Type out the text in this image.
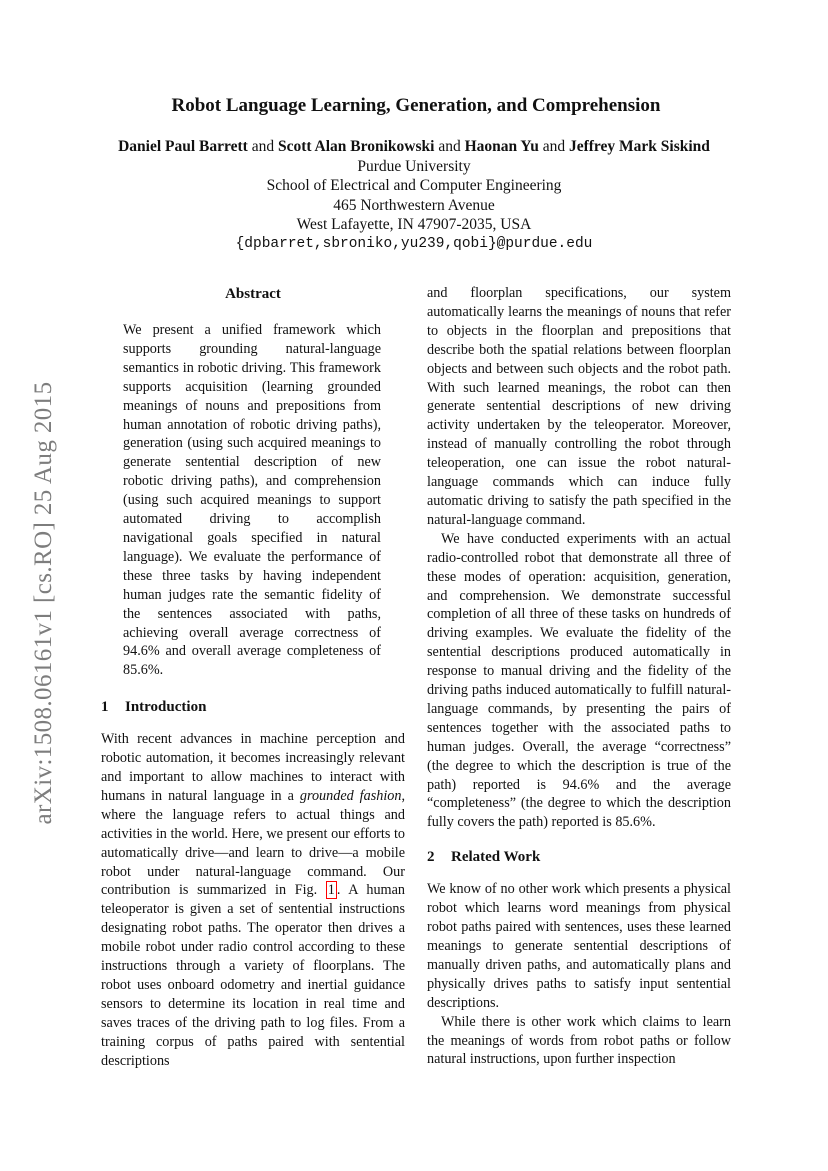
arXiv:1508.06161v1 [cs.RO] 25 Aug 2015
Robot Language Learning, Generation, and Comprehension
Daniel Paul Barrett and Scott Alan Bronikowski and Haonan Yu and Jeffrey Mark Siskind
Purdue University
School of Electrical and Computer Engineering
465 Northwestern Avenue
West Lafayette, IN 47907-2035, USA
{dpbarret,sbroniko,yu239,qobi}@purdue.edu
Abstract

We present a unified framework which supports grounding natural-language semantics in robotic driving. This framework supports acquisition (learning grounded meanings of nouns and prepositions from human annotation of robotic driving paths), generation (using such acquired meanings to generate sentential description of new robotic driving paths), and comprehension (using such acquired meanings to support automated driving to accomplish navigational goals specified in natural language). We evaluate the performance of these three tasks by having independent human judges rate the semantic fidelity of the sentences associated with paths, achieving overall average correctness of 94.6% and overall average completeness of 85.6%.

1 Introduction

With recent advances in machine perception and robotic automation, it becomes increasingly relevant and important to allow machines to interact with humans in natural language in a grounded fashion, where the language refers to actual things and activities in the world. Here, we present our efforts to automatically drive—and learn to drive—a mobile robot under natural-language command. Our contribution is summarized in Fig. 1 . A human teleoperator is given a set of sentential instructions designating robot paths. The operator then drives a mobile robot under radio control according to these instructions through a variety of floorplans. The robot uses onboard odometry and inertial guidance sensors to determine its location in real time and saves traces of the driving path to log files. From a training corpus of paths paired with sentential descriptions

and floorplan specifications, our system automatically learns the meanings of nouns that refer to objects in the floorplan and prepositions that describe both the spatial relations between floorplan objects and between such objects and the robot path. With such learned meanings, the robot can then generate sentential descriptions of new driving activity undertaken by the teleoperator. Moreover, instead of manually controlling the robot through teleoperation, one can issue the robot natural-language commands which can induce fully automatic driving to satisfy the path specified in the natural-language command.

We have conducted experiments with an actual radio-controlled robot that demonstrate all three of these modes of operation: acquisition, generation, and comprehension. We demonstrate successful completion of all three of these tasks on hundreds of driving examples. We evaluate the fidelity of the sentential descriptions produced automatically in response to manual driving and the fidelity of the driving paths induced automatically to fulfill natural-language commands, by presenting the pairs of sentences together with the associated paths to human judges. Overall, the average “correctness” (the degree to which the description is true of the path) reported is 94.6% and the average “completeness” (the degree to which the description fully covers the path) reported is 85.6%.

2 Related Work

We know of no other work which presents a physical robot which learns word meanings from physical robot paths paired with sentences, uses these learned meanings to generate sentential descriptions of manually driven paths, and automatically plans and physically drives paths to satisfy input sentential descriptions.

While there is other work which claims to learn the meanings of words from robot paths or follow natural instructions, upon further inspection
